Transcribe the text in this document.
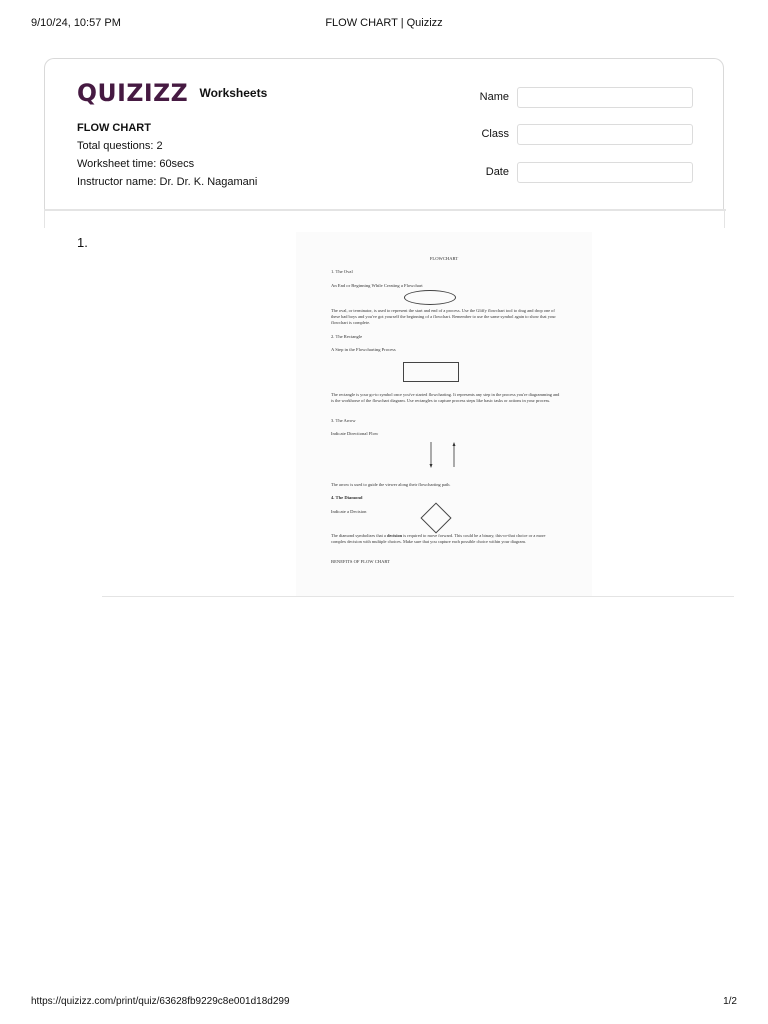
9/10/24, 10:57 PM	FLOW CHART | Quizizz
QUIZIZZ Worksheets
FLOW CHART
Total questions: 2
Worksheet time: 60secs
Instructor name: Dr. Dr. K. Nagamani
Name
Class
Date
1.
FLOWCHART
1. The Oval
An End or Beginning While Creating a Flowchart
The oval, or terminator, is used to represent the start and end of a process. Use the Gliffy flowchart tool to drag and drop one of these bad boys and you've got yourself the beginning of a flowchart. Remember to use the same symbol again to show that your flowchart is complete.
2. The Rectangle
A Step in the Flowcharting Process
The rectangle is your go-to symbol once you've started flowcharting. It represents any step in the process you're diagramming and is the workhorse of the flowchart diagram. Use rectangles to capture process steps like basic tasks or actions in your process.
3. The Arrow
Indicate Directional Flow
The arrow is used to guide the viewer along their flowcharting path.
4. The Diamond
Indicate a Decision
The diamond symbolizes that a decision is required to move forward. This could be a binary, this-or-that choice or a more complex decision with multiple choices. Make sure that you capture each possible choice within your diagram.
BENEFITS OF FLOW CHART
https://quizizz.com/print/quiz/63628fb9229c8e001d18d299	1/2
